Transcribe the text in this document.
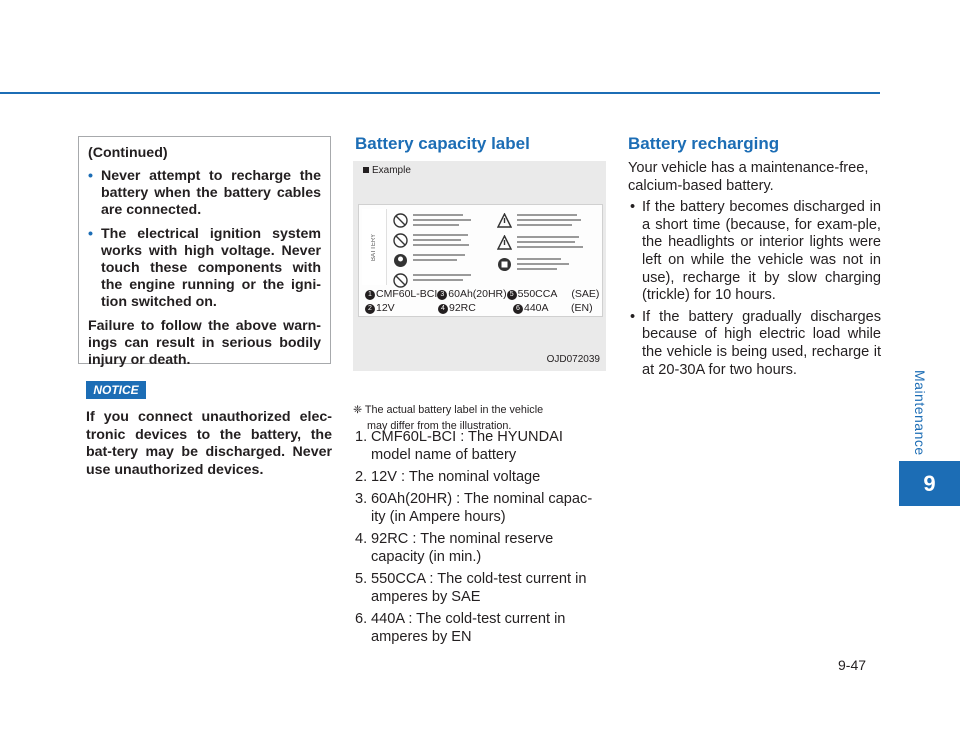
Maintenance
9
(Continued)
• Never attempt to recharge the battery when the battery cables are connected.
• The electrical ignition system works with high voltage. Never touch these components with the engine running or the igni-tion switched on.
Failure to follow the above warn-ings can result in serious bodily injury or death.
NOTICE
If you connect unauthorized elec-tronic devices to the battery, the bat-tery may be discharged. Never use unauthorized devices.
Battery capacity label
Example
BATTERY
1 CMF60L-BCI 3 60Ah(20HR) 5 550CCA (SAE)
2 12V	4 92RC	6 440A (EN)
OJD072039
❈ The actual battery label in the vehicle
may differ from the illustration.
1. CMF60L-BCI : The HYUNDAI model name of battery
2. 12V : The nominal voltage
3. 60Ah(20HR) : The nominal capac-ity (in Ampere hours)
4. 92RC : The nominal reserve capacity (in min.)
5. 550CCA : The cold-test current in amperes by SAE
6. 440A : The cold-test current in amperes by EN
Battery recharging
Your vehicle has a maintenance-free, calcium-based battery.
• If the battery becomes discharged in a short time (because, for exam-ple, the headlights or interior lights were left on while the vehicle was not in use), recharge it by slow charging (trickle) for 10 hours.
• If the battery gradually discharges because of high electric load while the vehicle is being used, recharge it at 20-30A for two hours.
9-47
